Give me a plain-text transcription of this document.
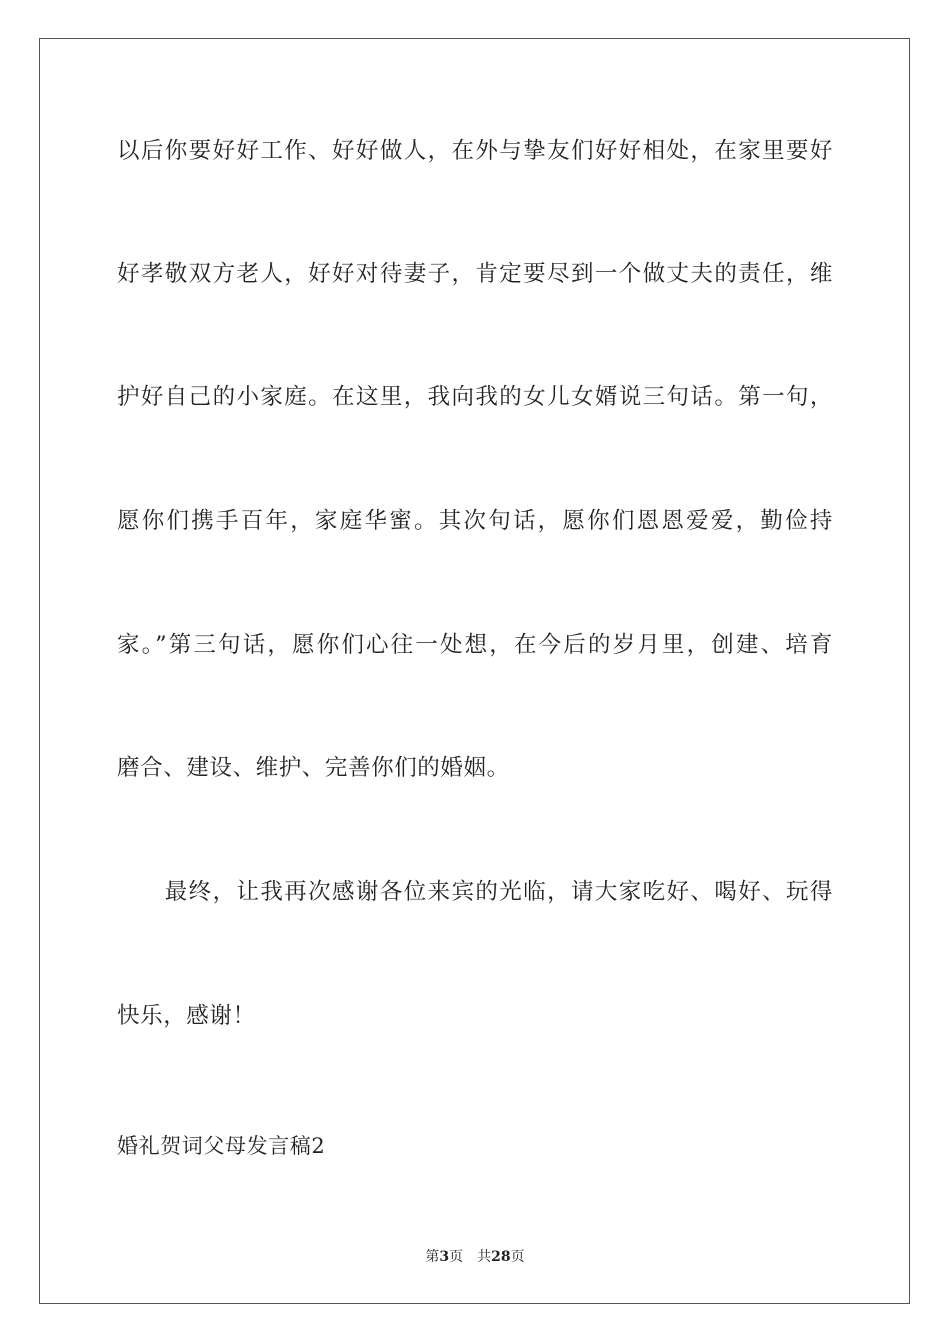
以后你要好好工作、好好做人，在外与挚友们好好相处，在家里要好
好孝敬双方老人，好好对待妻子，肯定要尽到一个做丈夫的责任，维
护好自己的小家庭。在这里，我向我的女儿女婿说三句话。第一句，
愿你们携手百年，家庭华蜜。其次句话，愿你们恩恩爱爱，勤俭持
家。”第三句话，愿你们心往一处想，在今后的岁月里，创建、培育
磨合、建设、维护、完善你们的婚姻。
　　最终，让我再次感谢各位来宾的光临，请大家吃好、喝好、玩得
快乐，感谢！
婚礼贺词父母发言稿2
第3页 共28页
